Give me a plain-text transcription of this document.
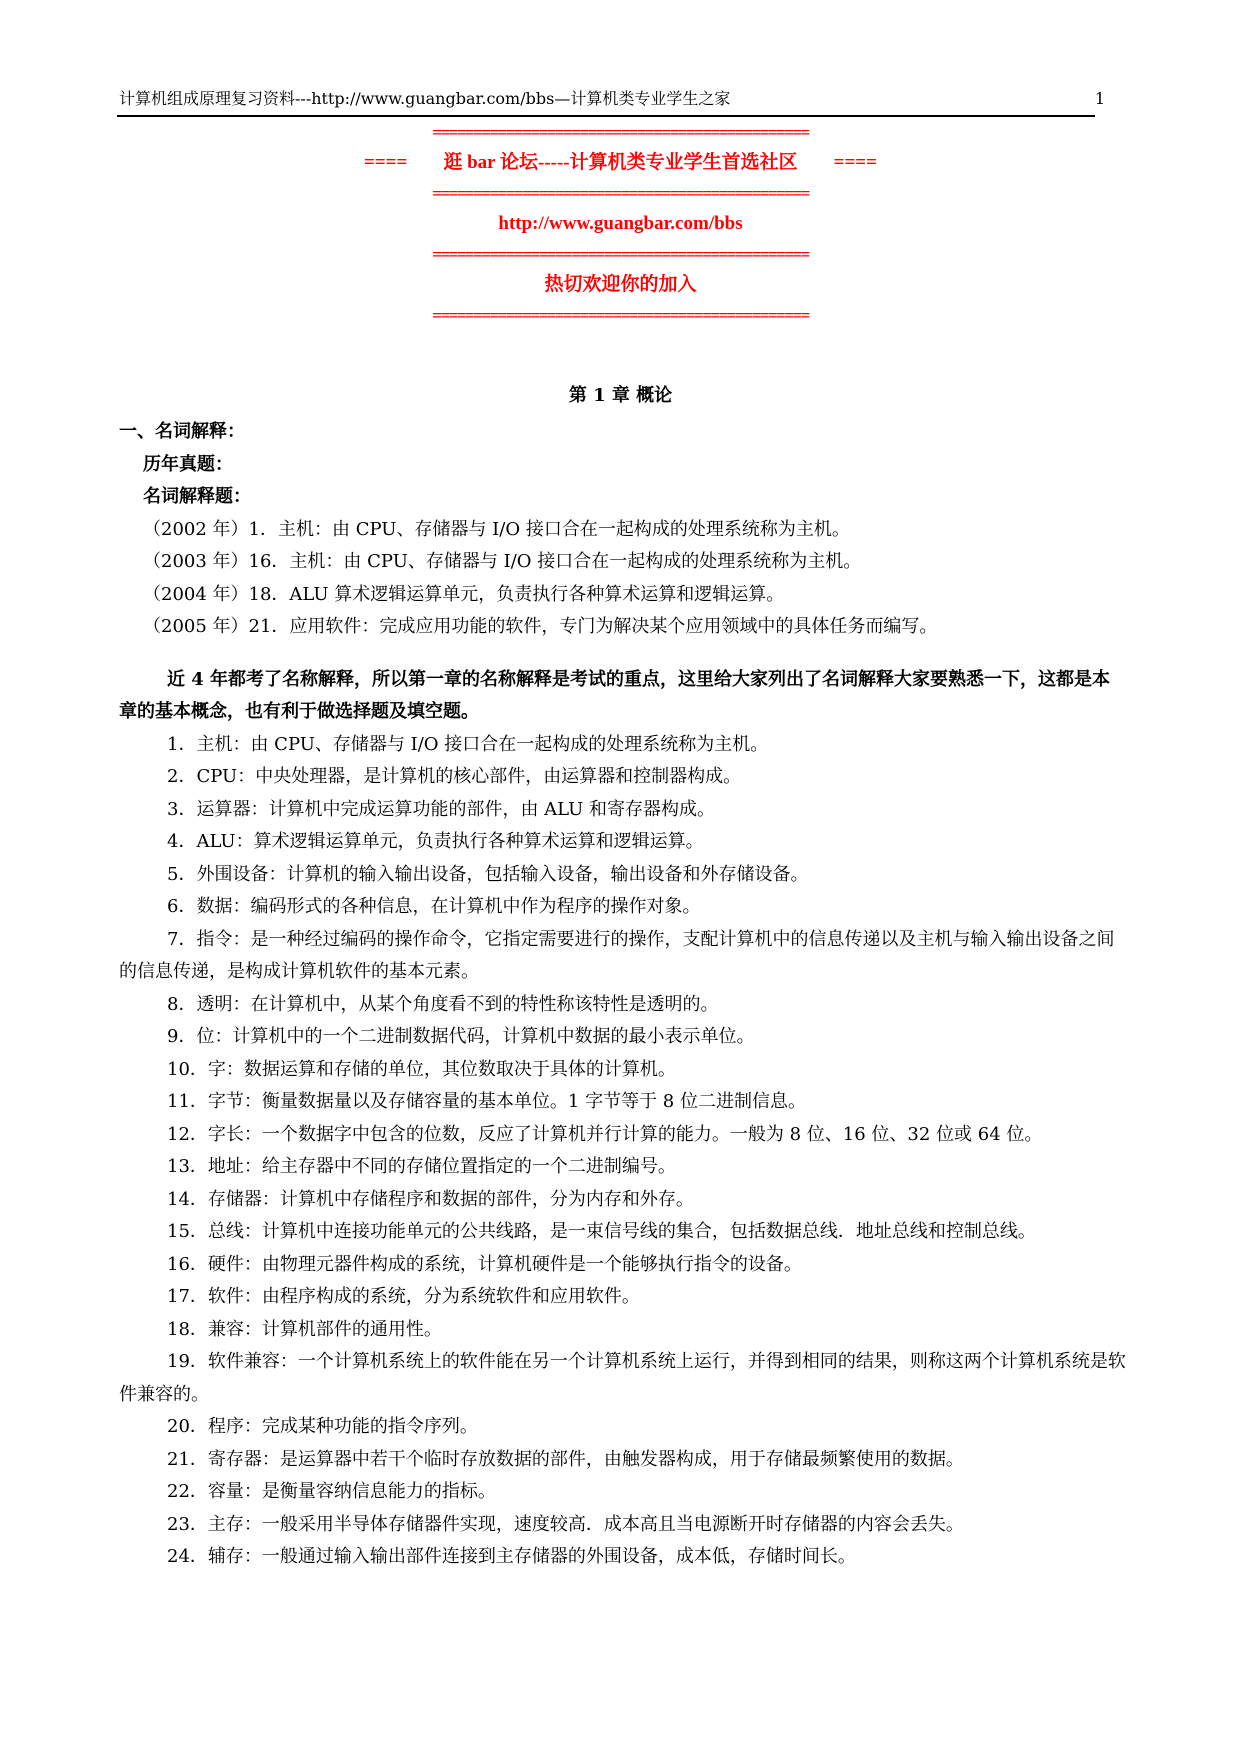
计算机组成原理复习资料---http://www.guangbar.com/bbs—计算机类专业学生之家	1
==============================================
==== 逛 bar 论坛-----计算机类专业学生首选社区 ====
==============================================
http://www.guangbar.com/bbs
==============================================
热切欢迎你的加入
==============================================
第 1 章 概论

一、名词解释：

历年真题：

名词解释题：

（2002 年）1．主机：由 CPU、存储器与 I/O 接口合在一起构成的处理系统称为主机。

（2003 年）16．主机：由 CPU、存储器与 I/O 接口合在一起构成的处理系统称为主机。

（2004 年）18．ALU 算术逻辑运算单元，负责执行各种算术运算和逻辑运算。

（2005 年）21．应用软件：完成应用功能的软件，专门为解决某个应用领域中的具体任务而编写。

近 4 年都考了名称解释，所以第一章的名称解释是考试的重点，这里给大家列出了名词解释大家要熟悉一下，这都是本章的基本概念，也有利于做选择题及填空题。

1．主机：由 CPU、存储器与 I/O 接口合在一起构成的处理系统称为主机。

2．CPU：中央处理器，是计算机的核心部件，由运算器和控制器构成。

3．运算器：计算机中完成运算功能的部件，由 ALU 和寄存器构成。

4．ALU：算术逻辑运算单元，负责执行各种算术运算和逻辑运算。

5．外围设备：计算机的输入输出设备，包括输入设备，输出设备和外存储设备。

6．数据：编码形式的各种信息，在计算机中作为程序的操作对象。

7．指令：是一种经过编码的操作命令，它指定需要进行的操作，支配计算机中的信息传递以及主机与输入输出设备之间的信息传递，是构成计算机软件的基本元素。

8．透明：在计算机中，从某个角度看不到的特性称该特性是透明的。

9．位：计算机中的一个二进制数据代码，计算机中数据的最小表示单位。

10．字：数据运算和存储的单位，其位数取决于具体的计算机。

11．字节：衡量数据量以及存储容量的基本单位。1 字节等于 8 位二进制信息。

12．字长：一个数据字中包含的位数，反应了计算机并行计算的能力。一般为 8 位、16 位、32 位或 64 位。

13．地址：给主存器中不同的存储位置指定的一个二进制编号。

14．存储器：计算机中存储程序和数据的部件，分为内存和外存。

15．总线：计算机中连接功能单元的公共线路，是一束信号线的集合，包括数据总线．地址总线和控制总线。

16．硬件：由物理元器件构成的系统，计算机硬件是一个能够执行指令的设备。

17．软件：由程序构成的系统，分为系统软件和应用软件。

18．兼容：计算机部件的通用性。

19．软件兼容：一个计算机系统上的软件能在另一个计算机系统上运行，并得到相同的结果，则称这两个计算机系统是软件兼容的。

20．程序：完成某种功能的指令序列。

21．寄存器：是运算器中若干个临时存放数据的部件，由触发器构成，用于存储最频繁使用的数据。

22．容量：是衡量容纳信息能力的指标。

23．主存：一般采用半导体存储器件实现，速度较高．成本高且当电源断开时存储器的内容会丢失。

24．辅存：一般通过输入输出部件连接到主存储器的外围设备，成本低，存储时间长。
